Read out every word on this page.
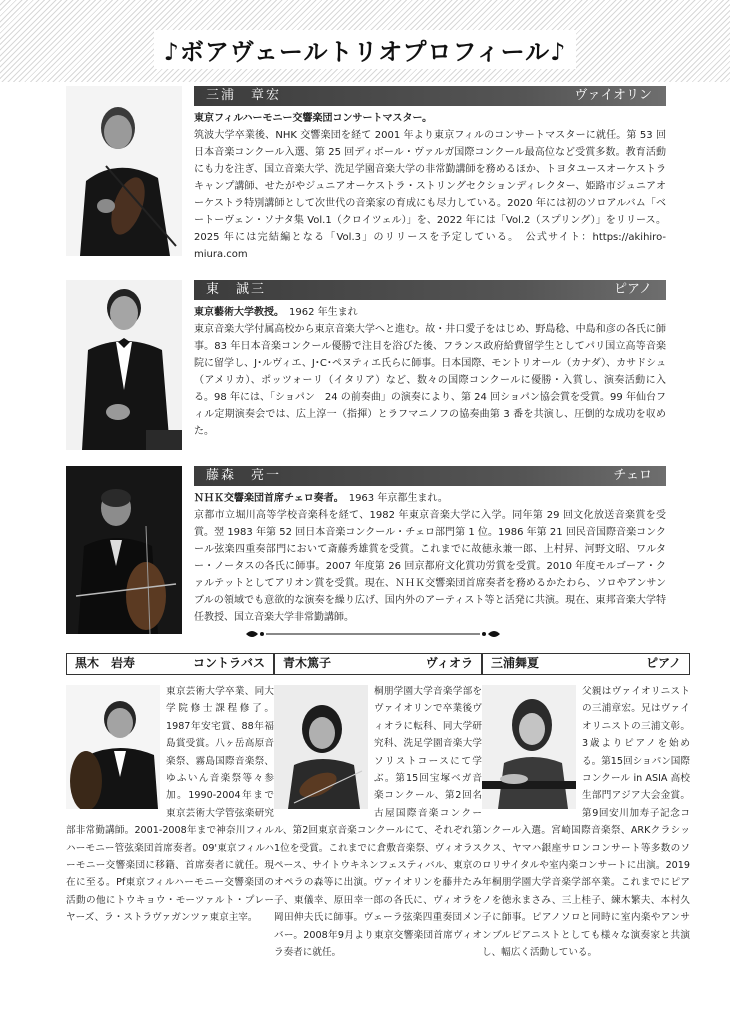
♪ボアヴェールトリオプロフィール♪
三浦　章宏	ヴァイオリン
東京フィルハーモニー交響楽団コンサートマスター。
筑波大学卒業後、NHK 交響楽団を経て 2001 年より東京フィルのコンサートマスターに就任。第 53 回日本音楽コンクール入選、第 25 回ディボール・ヴァルガ国際コンクール最高位など受賞多数。教育活動にも力を注ぎ、国立音楽大学、洗足学園音楽大学の非常勤講師を務めるほか、トヨタユースオーケストラキャンプ講師、せたがやジュニアオーケストラ・ストリングセクションディレクター、姫路市ジュニアオーケストラ特別講師として次世代の音楽家の育成にも尽力している。2020 年には初のソロアルバム「ベートーヴェン・ソナタ集 Vol.1（クロイツェル）」を、2022 年には「Vol.2（スプリング）」をリリース。2025 年には完結編となる「Vol.3」のリリースを予定している。　公式サイト：https://akihiro-miura.com
東　誠三	ピアノ
東京藝術大学教授。　1962 年生まれ
東京音楽大学付属高校から東京音楽大学へと進む。故・井口愛子をはじめ、野島稔、中島和彦の各氏に師事。83 年日本音楽コンクール優勝で注目を浴びた後、フランス政府給費留学生としてパリ国立高等音楽院に留学し、J･ルヴィエ、J･C･ペヌティエ氏らに師事。日本国際、モントリオール（カナダ）、カサドシュ（アメリカ）、ポッツォーリ（イタリア）など、数々の国際コンクールに優勝・入賞し、演奏活動に入る。98 年には、「ショパン　24 の前奏曲」の演奏により、第 24 回ショパン協会賞を受賞。99 年仙台フィル定期演奏会では、広上淳一（指揮）とラフマニノフの協奏曲第 3 番を共演し、圧倒的な成功を収めた。
藤森　亮一	チェロ
ＮＨＫ交響楽団首席チェロ奏者。　1963 年京都生まれ。
京都市立堀川高等学校音楽科を経て、1982 年東京音楽大学に入学。同年第 29 回文化放送音楽賞を受賞。翌 1983 年第 52 回日本音楽コンクール・チェロ部門第 1 位。1986 年第 21 回民音国際音楽コンクール弦楽四重奏部門において斎藤秀雄賞を受賞。これまでに故徳永兼一郎、上村昇、河野文昭、ワルター・ノータスの各氏に師事。2007 年度第 26 回京都府文化賞功労賞を受賞。2010 年度モルゴーア・クァルテットとしてアリオン賞を受賞。現在、ＮＨＫ交響楽団首席奏者を務めるかたわら、ソロやアンサンブルの領域でも意欲的な演奏を繰り広げ、国内外のアーティスト等と活発に共演。現在、東邦音楽大学特任教授、国立音楽大学非常勤講師。
黒木　岩寿	コントラバス
東京芸術大学卒業、同大学院修士課程修了。1987年安宅賞、88年福島賞受賞。八ヶ岳高原音楽祭、霧島国際音楽祭、ゆふいん音楽祭等々参加。1990-2004年まで東京芸術大学管弦楽研究部非常勤講師。2001-2008年まで神奈川フィルハーモニー管弦楽団首席奏者。09'東京フィルハーモニー交響楽団に移籍、首席奏者に就任。現在に至る。Pf東京フィルハーモニー交響楽団の活動の他にトウキョウ・モーツァルト・プレーヤーズ、ラ・ストラヴァガンツァ東京主宰。
青木篤子	ヴィオラ
桐朋学園大学音楽学部をヴァイオリンで卒業後ヴィオラに転科、同大学研究科、洗足学園音楽大学ソリストコースにて学ぶ。第15回宝塚ベガ音楽コンクール、第2回名古屋国際音楽コンクール、第2回東京音楽コンクールにて、それぞれ第1位を受賞。これまでに倉敷音楽祭、ヴィオラスペース、サイトウキネンフェスティバル、東京のオペラの森等に出演。ヴァイオリンを藤井たみ子、東儀幸、原田幸一郎の各氏に、ヴィオラを岡田伸夫氏に師事。ヴェーラ弦楽四重奏団メンバー。2008年9月より東京交響楽団首席ヴィオラ奏者に就任。
三浦舞夏	ピアノ
父親はヴァイオリニストの三浦章宏。兄はヴァイオリニストの三浦文彰。3歳よりピアノを始める。第15回ショパン国際コンクール in ASIA 高校生部門アジア大会金賞。第9回安川加寿子記念コンクール入選。宮崎国際音楽祭、ARKクラシックス、ヤマハ銀座サロンコンサート等多数のソロリサイタルや室内楽コンサートに出演。2019年桐朋学園大学音楽学部卒業。これまでにピアノを徳永まさみ、三上桂子、練木繁夫、本村久子に師事。ピアノソロと同時に室内楽やアンサンブルピアニストとしても様々な演奏家と共演し、幅広く活動している。
